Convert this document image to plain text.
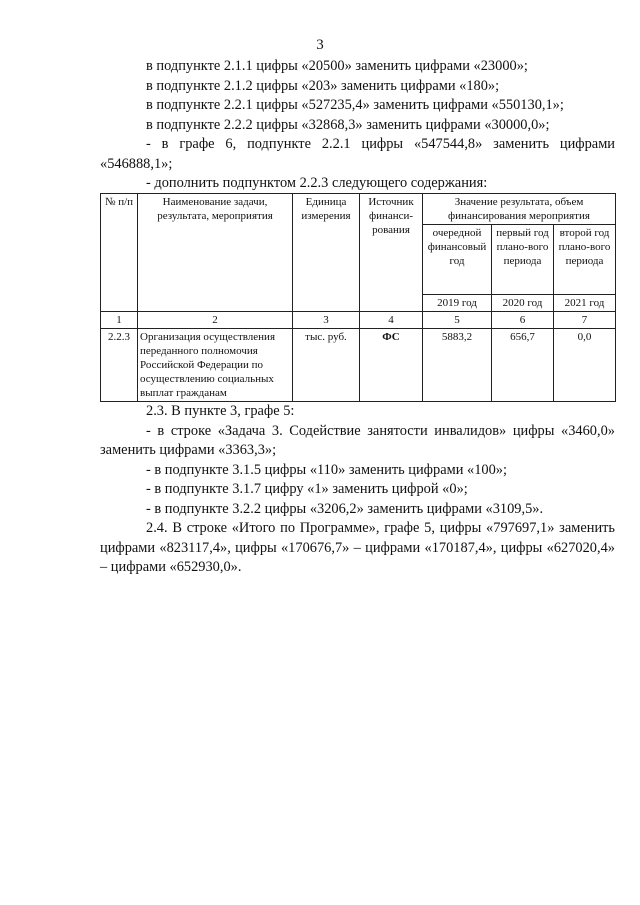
3

в подпункте 2.1.1 цифры «20500» заменить цифрами «23000»;

в подпункте 2.1.2 цифры «203» заменить цифрами «180»;

в подпункте 2.2.1 цифры «527235,4» заменить цифрами «550130,1»;

в подпункте 2.2.2 цифры «32868,3» заменить цифрами «30000,0»;

- в графе 6, подпункте 2.2.1 цифры «547544,8» заменить цифрами «546888,1»;

- дополнить подпунктом 2.2.3 следующего содержания:

№ п/п	Наименование задачи, результата, мероприятия	Единица измерения	Источник финанси-рования	Значение результата, объем финансирования мероприятия		
				очередной финансовый год	первый год плано-вого периода	второй год плано-вого периода
				2019 год	2020 год	2021 год
1	2	3	4	5	6	7
2.2.3	Организация осуществления переданного полномочия Российской Федерации по осуществлению социальных выплат гражданам	тыс. руб.	ФС	5883,2	656,7	0,0

2.3. В пункте 3, графе 5:

- в строке «Задача 3. Содействие занятости инвалидов» цифры «3460,0» заменить цифрами «3363,3»;

- в подпункте 3.1.5 цифры «110» заменить цифрами «100»;

- в подпункте 3.1.7 цифру «1» заменить цифрой «0»;

- в подпункте 3.2.2 цифры «3206,2» заменить цифрами «3109,5».

2.4. В строке «Итого по Программе», графе 5, цифры «797697,1» заменить цифрами «823117,4», цифры «170676,7» – цифрами «170187,4», цифры «627020,4» – цифрами «652930,0».
